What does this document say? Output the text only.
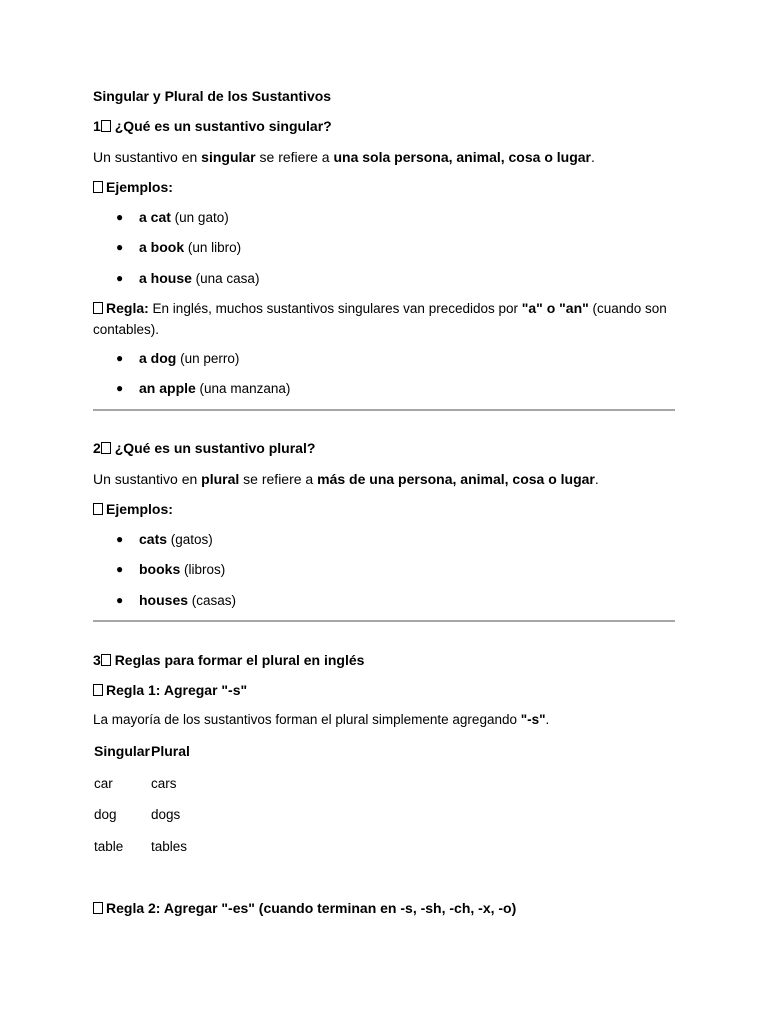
Singular y Plural de los Sustantivos
1 ¿Qué es un sustantivo singular?
Un sustantivo en singular se refiere a una sola persona, animal, cosa o lugar.
Ejemplos:
● a cat (un gato)
● a book (un libro)
● a house (una casa)
Regla: En inglés, muchos sustantivos singulares van precedidos por "a" o "an" (cuando son contables).
● a dog (un perro)
● an apple (una manzana)
2 ¿Qué es un sustantivo plural?
Un sustantivo en plural se refiere a más de una persona, animal, cosa o lugar.
Ejemplos:
● cats (gatos)
● books (libros)
● houses (casas)
3 Reglas para formar el plural en inglés
Regla 1: Agregar "-s"
La mayoría de los sustantivos forman el plural simplemente agregando "-s".
Singular Plural
car	cars
dog	dogs
table tables
Regla 2: Agregar "-es" (cuando terminan en -s, -sh, -ch, -x, -o)
